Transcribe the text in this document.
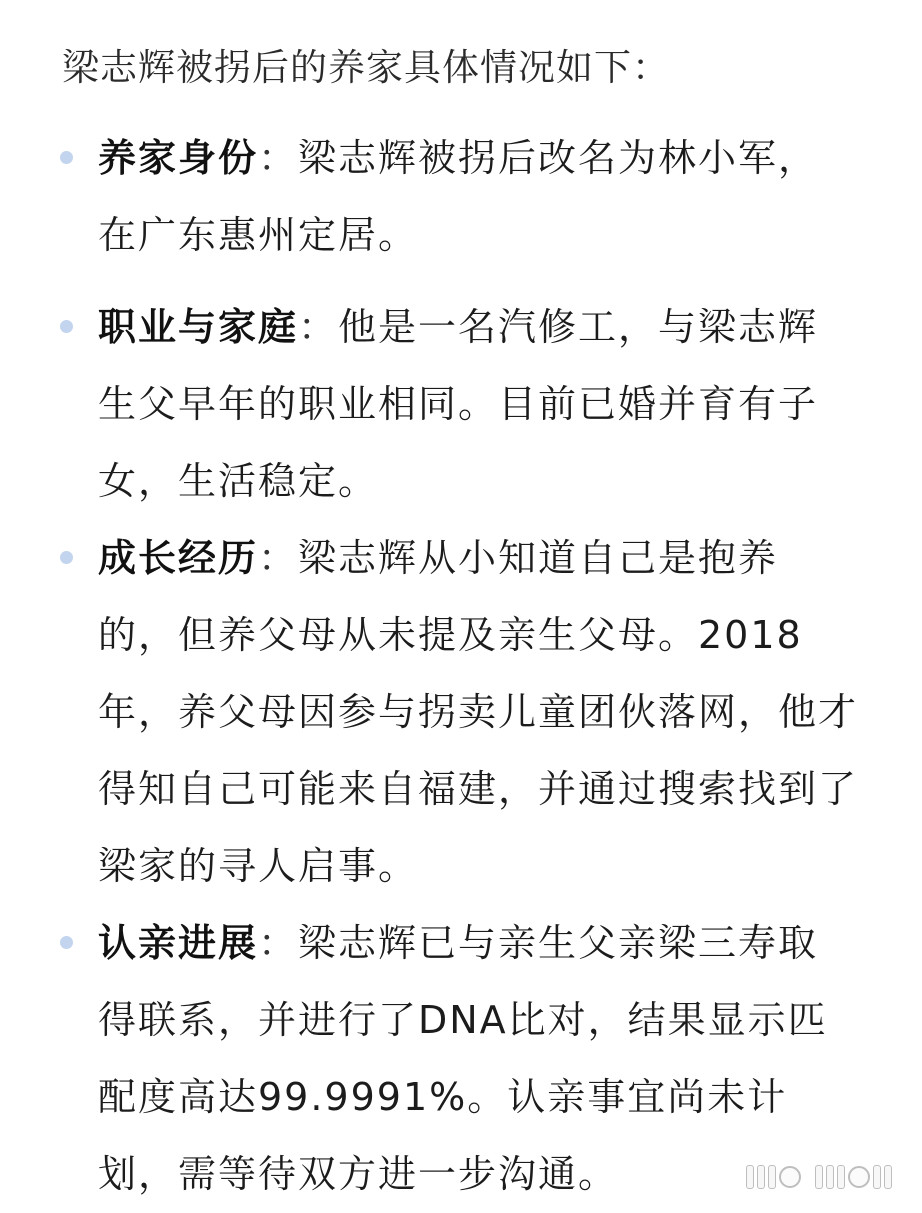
梁志辉被拐后的养家具体情况如下：
养家身份：梁志辉被拐后改名为林小军，在广东惠州定居。
职业与家庭：他是一名汽修工，与梁志辉生父早年的职业相同。目前已婚并育有子女，生活稳定。
成长经历：梁志辉从小知道自己是抱养的，但养父母从未提及亲生父母。2018年，养父母因参与拐卖儿童团伙落网，他才得知自己可能来自福建，并通过搜索找到了梁家的寻人启事。
认亲进展：梁志辉已与亲生父亲梁三寿取得联系，并进行了DNA比对，结果显示匹配度高达99.9991%。认亲事宜尚未计划，需等待双方进一步沟通。
